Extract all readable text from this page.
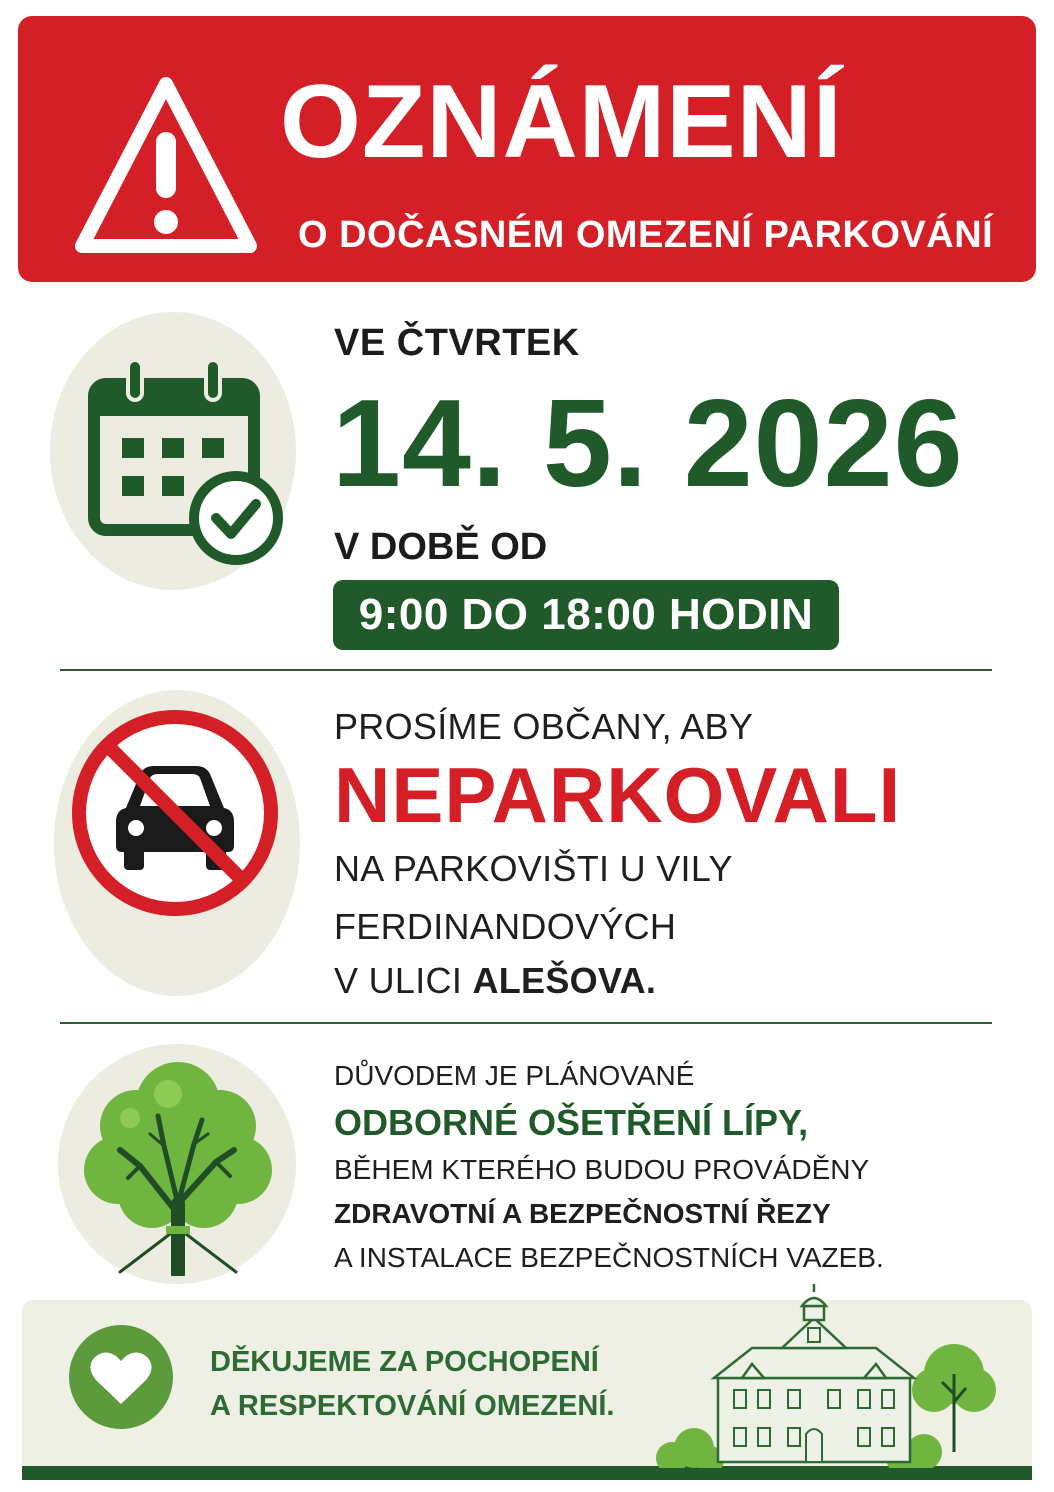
OZNÁMENÍ
O DOČASNÉM OMEZENÍ PARKOVÁNÍ
VE ČTVRTEK
14. 5. 2026
V DOBĚ OD
9:00 DO 18:00 HODIN
PROSÍME OBČANY, ABY
NEPARKOVALI
NA PARKOVIŠTI U VILY
FERDINANDOVÝCH
V ULICI ALEŠOVA.
DŮVODEM JE PLÁNOVANÉ
ODBORNÉ OŠETŘENÍ LÍPY,
BĚHEM KTERÉHO BUDOU PROVÁDĚNY
ZDRAVOTNÍ A BEZPEČNOSTNÍ ŘEZY
A INSTALACE BEZPEČNOSTNÍCH VAZEB.
DĚKUJEME ZA POCHOPENÍ
A RESPEKTOVÁNÍ OMEZENÍ.
